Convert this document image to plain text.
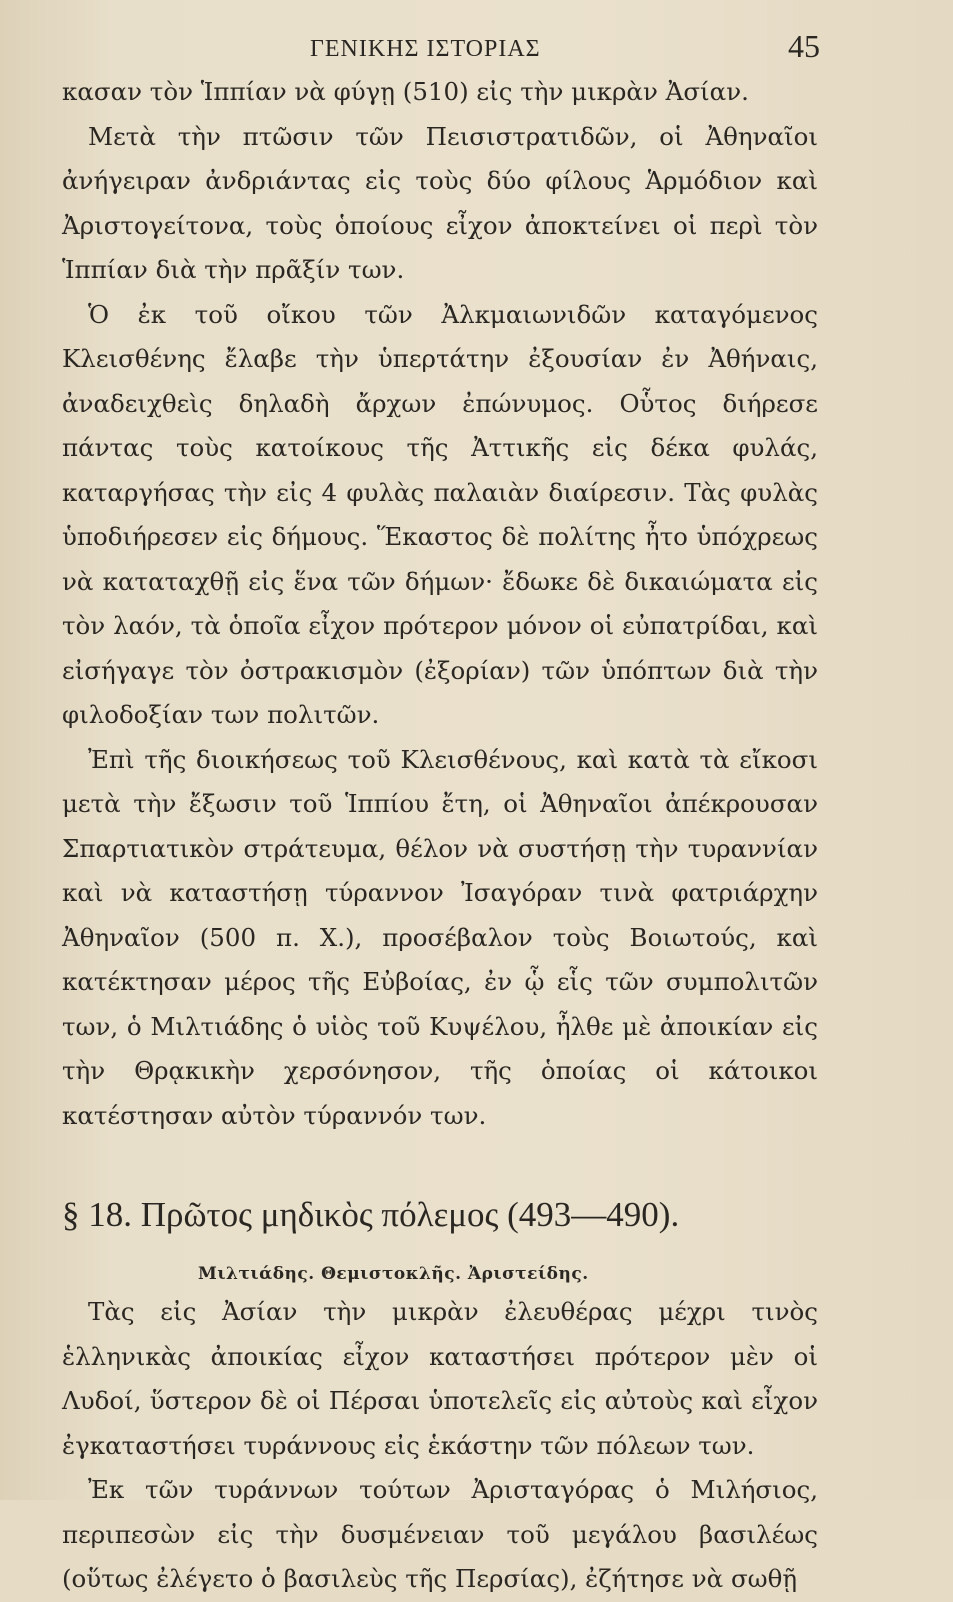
ΓΕΝΙΚΗΣ ΙΣΤΟΡΙΑΣ	45

κασαν τὸν Ἱππίαν νὰ φύγῃ (510) εἰς τὴν μικρὰν Ἀσίαν.

Μετὰ τὴν πτῶσιν τῶν Πεισιστρατιδῶν, οἱ Ἀθηναῖοι ἀνήγειραν ἀνδριάντας εἰς τοὺς δύο φίλους Ἁρμόδιον καὶ Ἀριστογείτονα, τοὺς ὁποίους εἶχον ἀποκτείνει οἱ περὶ τὸν Ἱππίαν διὰ τὴν πρᾶξίν των.

Ὁ ἐκ τοῦ οἴκου τῶν Ἀλκμαιωνιδῶν καταγόμενος Κλεισθένης ἔλαβε τὴν ὑπερτάτην ἐξουσίαν ἐν Ἀθήναις, ἀναδειχθεὶς δηλαδὴ ἄρχων ἐπώνυμος. Οὗτος διήρεσε πάντας τοὺς κατοίκους τῆς Ἀττικῆς εἰς δέκα φυλάς, καταργήσας τὴν εἰς 4 φυλὰς παλαιὰν διαίρεσιν. Τὰς φυλὰς ὑποδιήρεσεν εἰς δήμους. Ἕκαστος δὲ πολίτης ἦτο ὑπόχρεως νὰ καταταχθῇ εἰς ἕνα τῶν δήμων· ἔδωκε δὲ δικαιώματα εἰς τὸν λαόν, τὰ ὁποῖα εἶχον πρότερον μόνον οἱ εὐπατρίδαι, καὶ εἰσήγαγε τὸν ὀστρακισμὸν (ἐξορίαν) τῶν ὑπόπτων διὰ τὴν φιλοδοξίαν των πολιτῶν.

Ἐπὶ τῆς διοικήσεως τοῦ Κλεισθένους, καὶ κατὰ τὰ εἴκοσι μετὰ τὴν ἔξωσιν τοῦ Ἱππίου ἔτη, οἱ Ἀθηναῖοι ἀπέκρουσαν Σπαρτιατικὸν στράτευμα, θέλον νὰ συστήσῃ τὴν τυραννίαν καὶ νὰ καταστήσῃ τύραννον Ἰσαγόραν τινὰ φατριάρχην Ἀθηναῖον (500 π. Χ.), προσέβαλον τοὺς Βοιωτούς, καὶ κατέκτησαν μέρος τῆς Εὐβοίας, ἐν ᾧ εἷς τῶν συμπολιτῶν των, ὁ Μιλτιάδης ὁ υἱὸς τοῦ Κυψέλου, ἦλθε μὲ ἀποικίαν εἰς τὴν Θρᾳκικὴν χερσόνησον, τῆς ὁποίας οἱ κάτοικοι κατέστησαν αὐτὸν τύραννόν των.

§ 18. Πρῶτος μηδικὸς πόλεμος (493—490).
Μιλτιάδης. Θεμιστοκλῆς. Ἀριστείδης.

Τὰς εἰς Ἀσίαν τὴν μικρὰν ἐλευθέρας μέχρι τινὸς ἑλληνικὰς ἀποικίας εἶχον καταστήσει πρότερον μὲν οἱ Λυδοί, ὕστερον δὲ οἱ Πέρσαι ὑποτελεῖς εἰς αὐτοὺς καὶ εἶχον ἐγκαταστήσει τυράννους εἰς ἑκάστην τῶν πόλεων των.

Ἐκ τῶν τυράννων τούτων Ἀρισταγόρας ὁ Μιλήσιος, περιπεσὼν εἰς τὴν δυσμένειαν τοῦ μεγάλου βασιλέως (οὕτως ἐλέγετο ὁ βασιλεὺς τῆς Περσίας), ἐζήτησε νὰ σωθῇ
